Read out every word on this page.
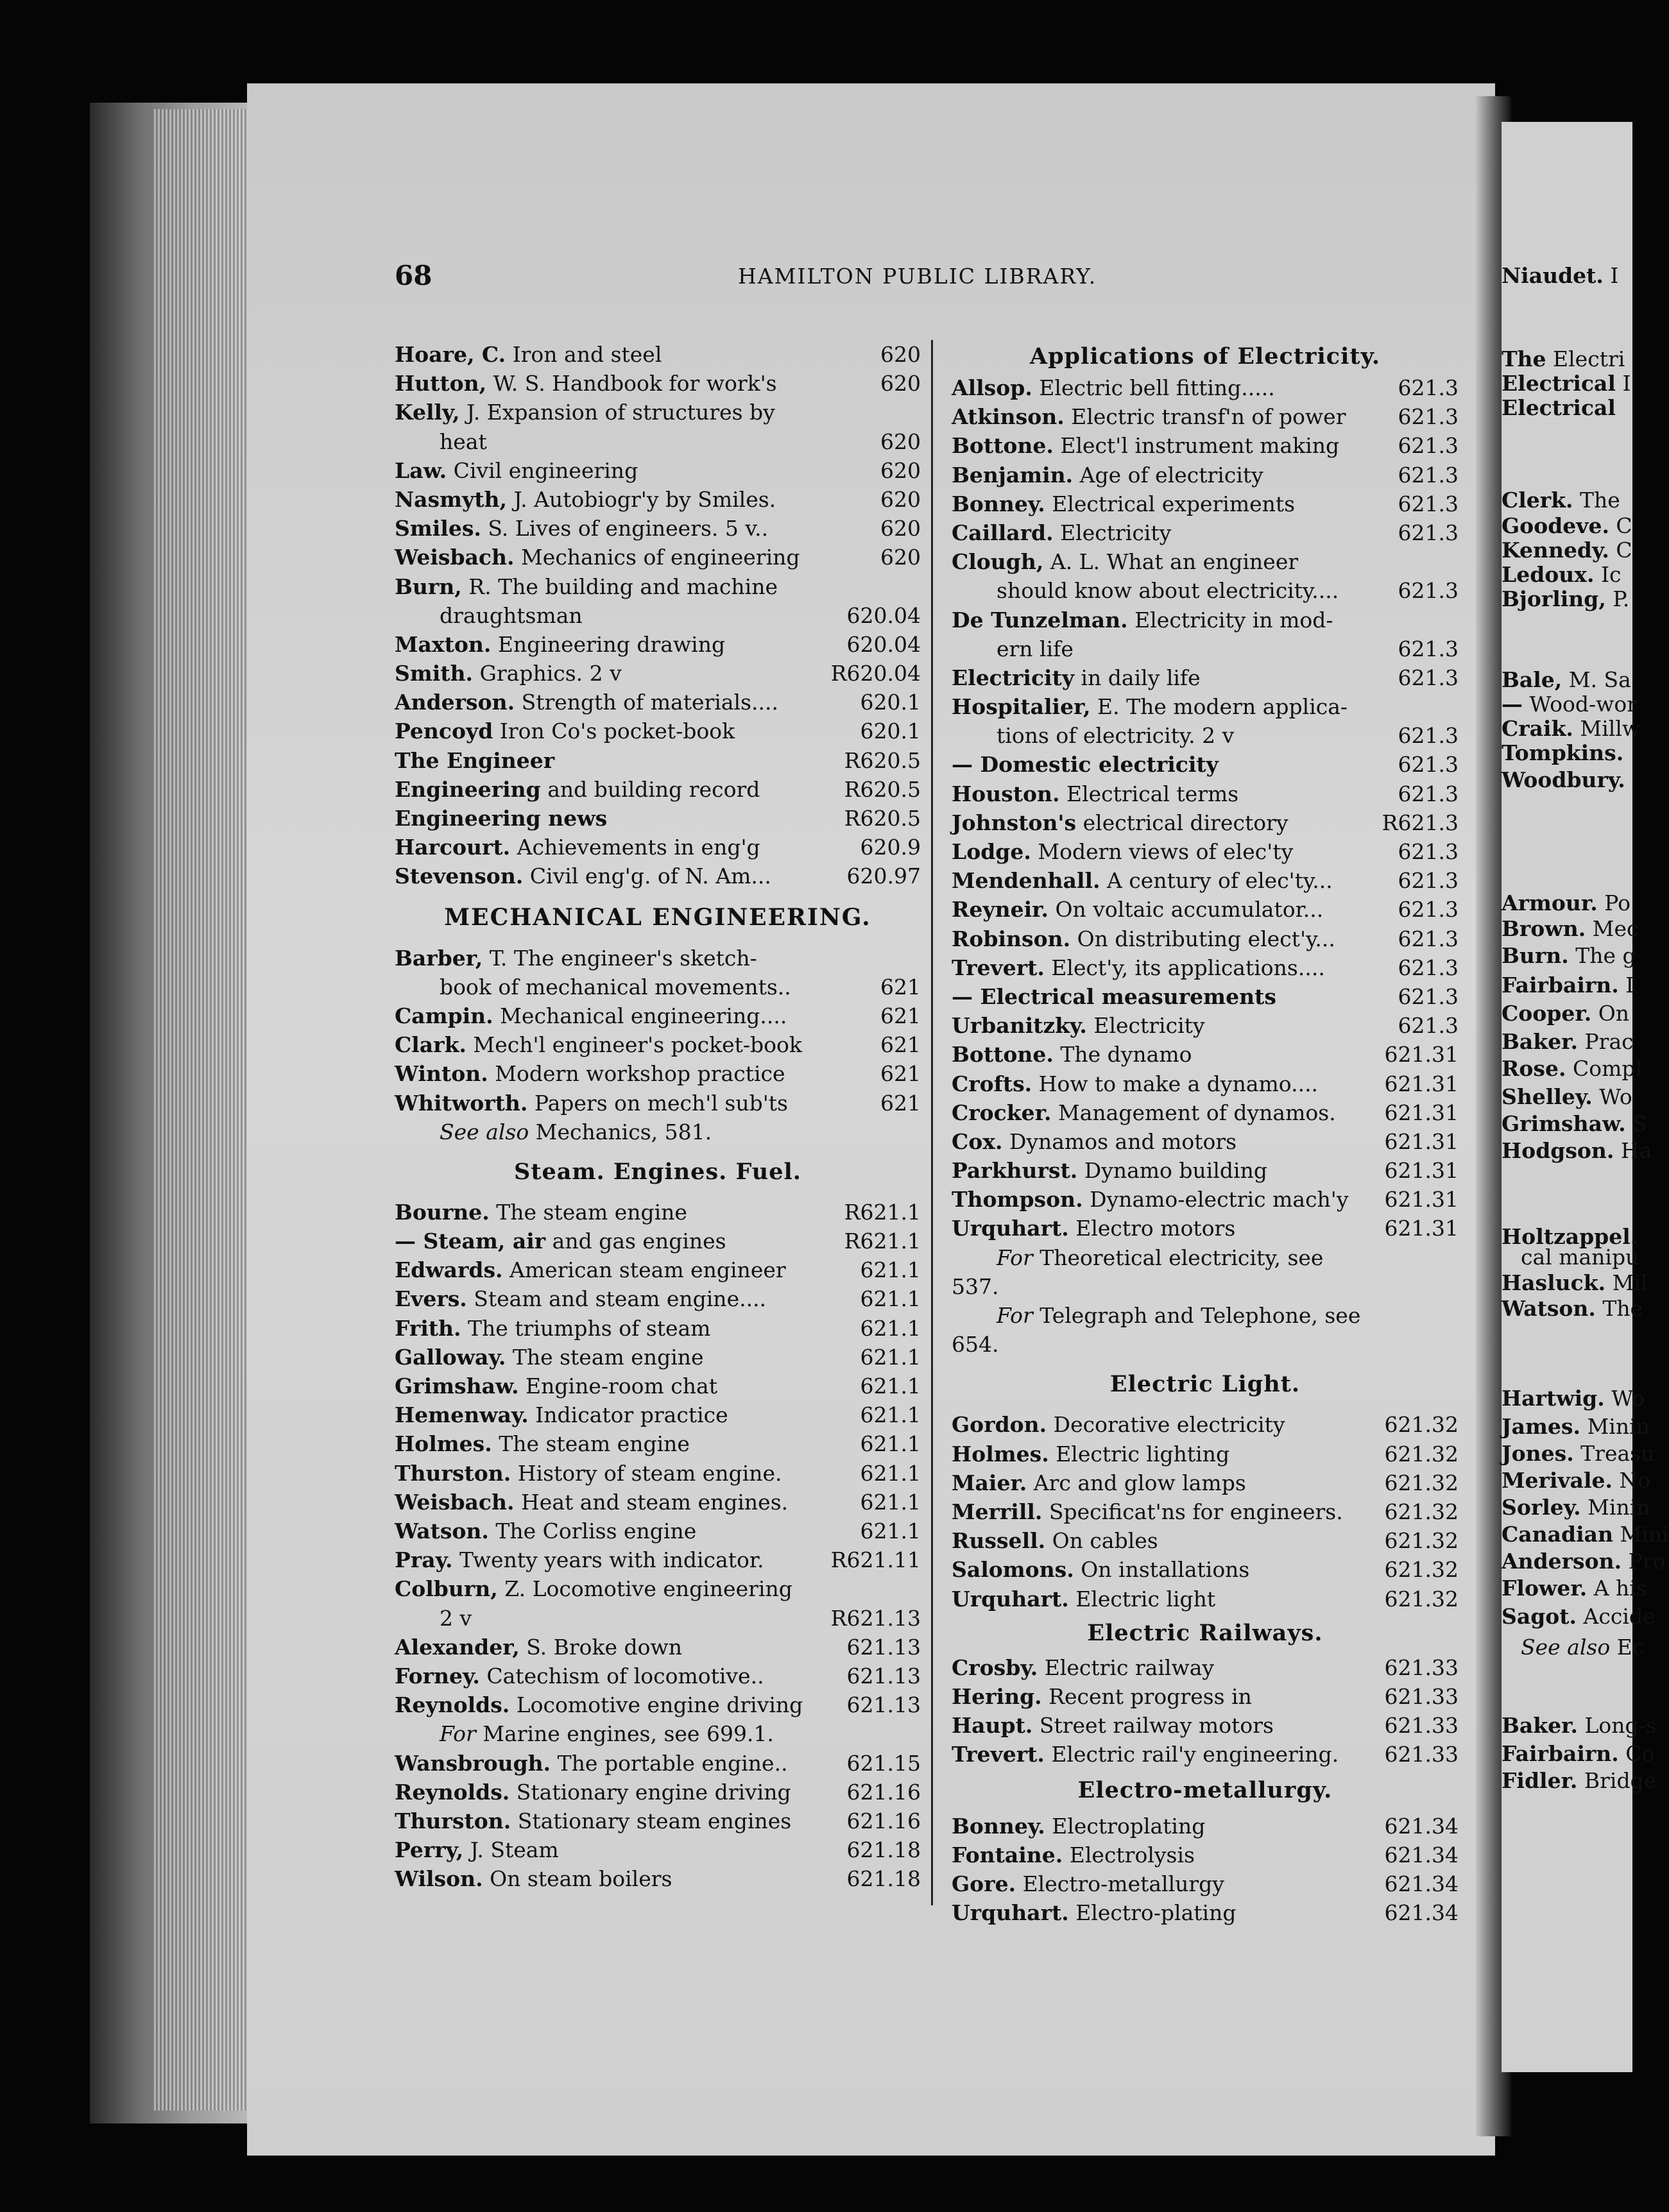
Niaudet. I
The Electri
Electrical I
Electrical
Clerk. The
Goodeve. C
Kennedy. C
Ledoux. Ic
Bjorling, P.
Bale, M. Sa
— Wood-wor
Craik. Millw
Tompkins.
Woodbury.
Armour. Po
Brown. Mec
Burn. The g
Fairbairn. I
Cooper. On
Baker. Prac
Rose. Compl
Shelley. Wo
Grimshaw. S
Hodgson. Ha
Holtzappel.
cal manipu
Hasluck. Mil
Watson. The
Hartwig. Wo
James. Minin
Jones. Treasu
Merivale. No
Sorley. Minin
Canadian Mini
Anderson. Pro
Flower. A his
Sagot. Accide
See also Ec
Baker. Long-s
Fairbairn. Co
Fidler. Bridge
68	HAMILTON PUBLIC LIBRARY.
Hoare, C. Iron and steel	620
Hutton, W. S. Handbook for work's	620
Kelly, J. Expansion of structures by
heat	620
Law. Civil engineering	620
Nasmyth, J. Autobiogr'y by Smiles.	620
Smiles. S. Lives of engineers. 5 v..	620
Weisbach. Mechanics of engineering	620
Burn, R. The building and machine
draughtsman	620.04
Maxton. Engineering drawing	620.04
Smith. Graphics. 2 v	R620.04
Anderson. Strength of materials....	620.1
Pencoyd Iron Co's pocket-book	620.1
The Engineer	R620.5
Engineering and building record	R620.5
Engineering news	R620.5
Harcourt. Achievements in eng'g	620.9
Stevenson. Civil eng'g. of N. Am...	620.97
MECHANICAL ENGINEERING.
Barber, T. The engineer's sketch-
book of mechanical movements..	621
Campin. Mechanical engineering....	621
Clark. Mech'l engineer's pocket-book	621
Winton. Modern workshop practice	621
Whitworth. Papers on mech'l sub'ts	621
See also Mechanics, 581.
Steam. Engines. Fuel.
Bourne. The steam engine	R621.1
— Steam, air and gas engines	R621.1
Edwards. American steam engineer	621.1
Evers. Steam and steam engine....	621.1
Frith. The triumphs of steam	621.1
Galloway. The steam engine	621.1
Grimshaw. Engine-room chat	621.1
Hemenway. Indicator practice	621.1
Holmes. The steam engine	621.1
Thurston. History of steam engine.	621.1
Weisbach. Heat and steam engines.	621.1
Watson. The Corliss engine	621.1
Pray. Twenty years with indicator.	R621.11
Colburn, Z. Locomotive engineering
2 v	R621.13
Alexander, S. Broke down	621.13
Forney. Catechism of locomotive..	621.13
Reynolds. Locomotive engine driving 621.13
For Marine engines, see 699.1.
Wansbrough. The portable engine..	621.15
Reynolds. Stationary engine driving	621.16
Thurston. Stationary steam engines	621.16
Perry, J. Steam	621.18
Wilson. On steam boilers	621.18
Applications of Electricity.
Allsop. Electric bell fitting.....	621.3
Atkinson. Electric transf'n of power 621.3
Bottone. Elect'l instrument making	621.3
Benjamin. Age of electricity	621.3
Bonney. Electrical experiments	621.3
Caillard. Electricity	621.3
Clough, A. L. What an engineer
should know about electricity....	621.3
De Tunzelman. Electricity in mod-
ern life	621.3
Electricity in daily life	621.3
Hospitalier, E. The modern applica-
tions of electricity. 2 v	621.3
— Domestic electricity	621.3
Houston. Electrical terms	621.3
Johnston's electrical directory	R621.3
Lodge. Modern views of elec'ty	621.3
Mendenhall. A century of elec'ty...	621.3
Reyneir. On voltaic accumulator...	621.3
Robinson. On distributing elect'y...	621.3
Trevert. Elect'y, its applications....	621.3
— Electrical measurements	621.3
Urbanitzky. Electricity	621.3
Bottone. The dynamo	621.31
Crofts. How to make a dynamo....	621.31
Crocker. Management of dynamos. 621.31
Cox. Dynamos and motors	621.31
Parkhurst. Dynamo building	621.31
Thompson. Dynamo-electric mach'y 621.31
Urquhart. Electro motors	621.31
For Theoretical electricity, see
537.
For Telegraph and Telephone, see
654.
Electric Light.
Gordon. Decorative electricity	621.32
Holmes. Electric lighting	621.32
Maier. Arc and glow lamps	621.32
Merrill. Specificat'ns for engineers. 621.32
Russell. On cables	621.32
Salomons. On installations	621.32
Urquhart. Electric light	621.32
Electric Railways.
Crosby. Electric railway	621.33
Hering. Recent progress in	621.33
Haupt. Street railway motors	621.33
Trevert. Electric rail'y engineering. 621.33
Electro-metallurgy.
Bonney. Electroplating	621.34
Fontaine. Electrolysis	621.34
Gore. Electro-metallurgy	621.34
Urquhart. Electro-plating	621.34
